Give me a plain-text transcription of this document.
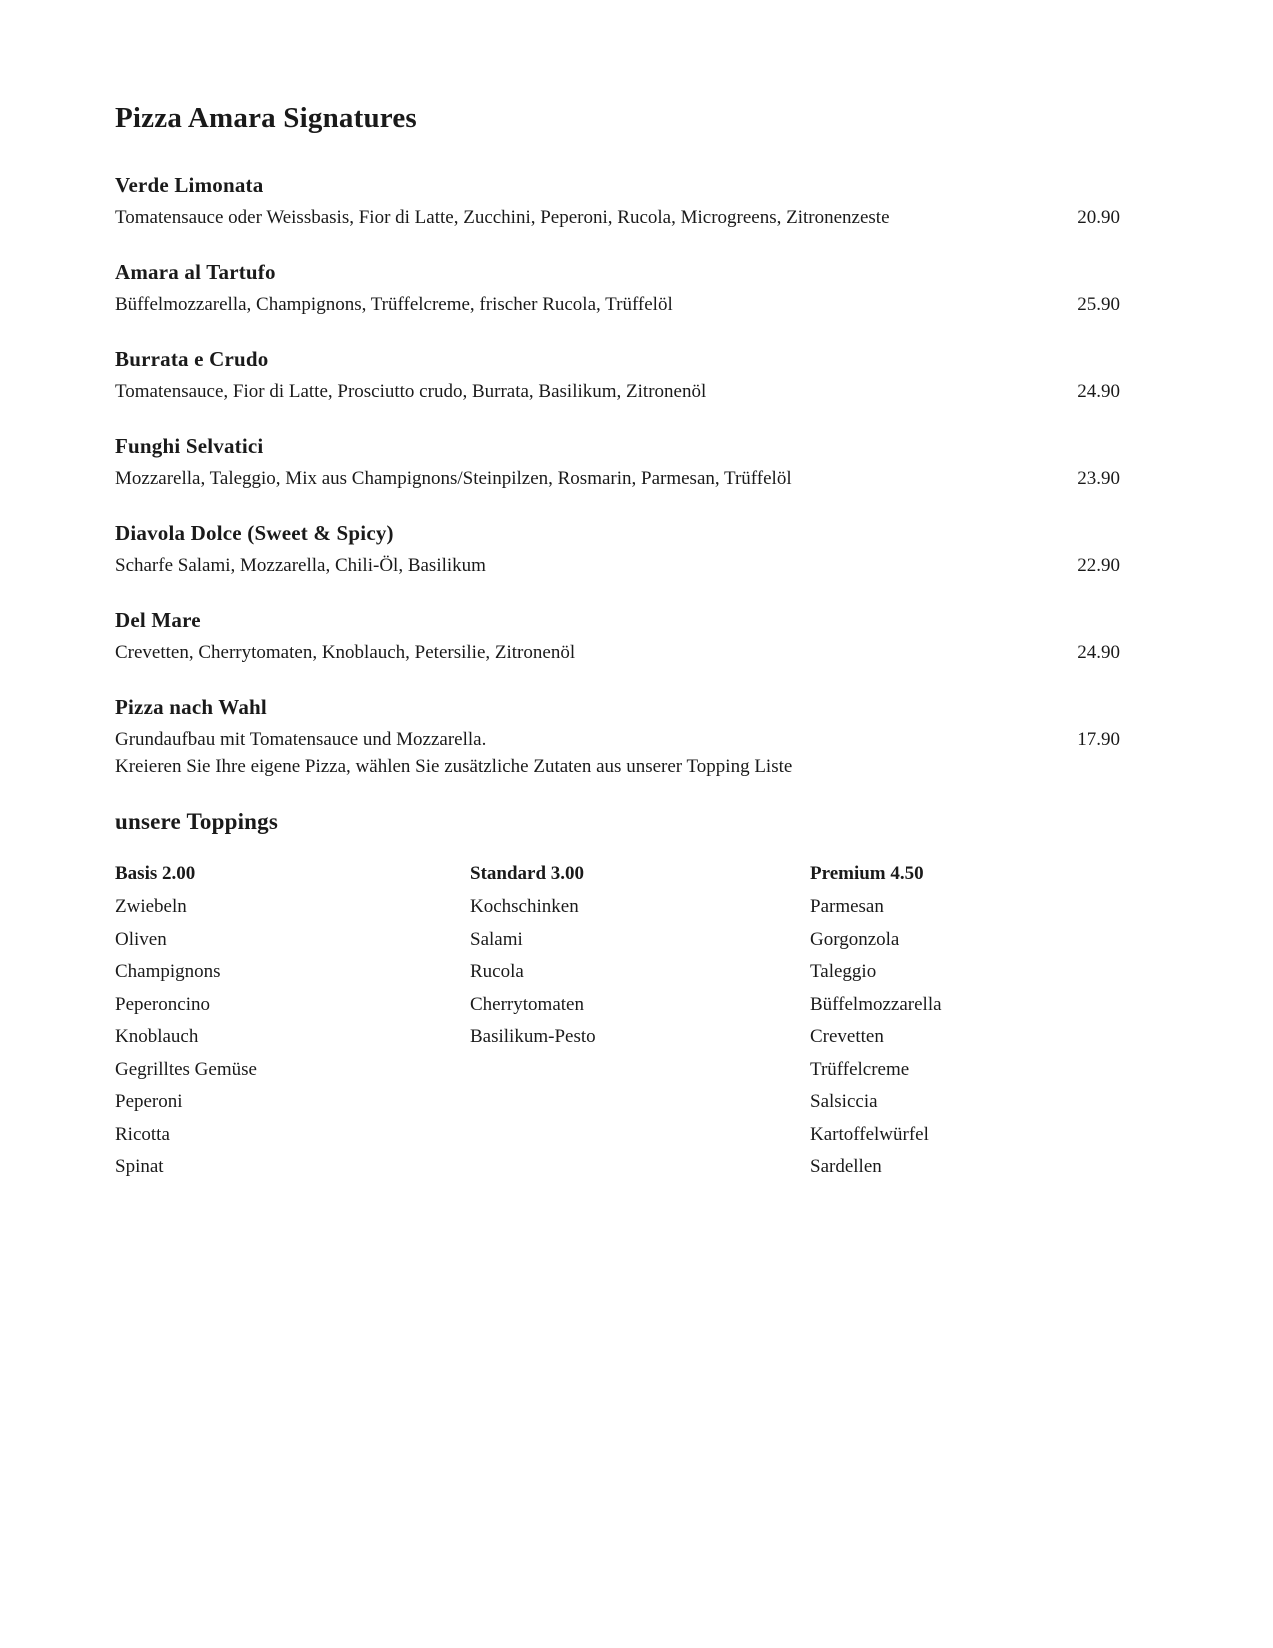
Pizza Amara Signatures
Verde Limonata

Tomatensauce oder Weissbasis, Fior di Latte, Zucchini, Peperoni, Rucola, Microgreens, Zitronenzeste	20.90
Amara al Tartufo

Büffelmozzarella, Champignons, Trüffelcreme, frischer Rucola, Trüffelöl	25.90
Burrata e Crudo

Tomatensauce, Fior di Latte, Prosciutto crudo, Burrata, Basilikum, Zitronenöl	24.90
Funghi Selvatici

Mozzarella, Taleggio, Mix aus Champignons/Steinpilzen, Rosmarin, Parmesan, Trüffelöl	23.90
Diavola Dolce (Sweet & Spicy)

Scharfe Salami, Mozzarella, Chili-Öl, Basilikum	22.90
Del Mare

Crevetten, Cherrytomaten, Knoblauch, Petersilie, Zitronenöl	24.90
Pizza nach Wahl

Grundaufbau mit Tomatensauce und Mozzarella.	17.90

Kreieren Sie Ihre eigene Pizza, wählen Sie zusätzliche Zutaten aus unserer Topping Liste

unsere Toppings
Basis 2.00
Zwiebeln
Oliven
Champignons
Peperoncino
Knoblauch
Gegrilltes Gemüse
Peperoni
Ricotta
Spinat
Standard 3.00
Kochschinken
Salami
Rucola
Cherrytomaten
Basilikum-Pesto
Premium 4.50
Parmesan
Gorgonzola
Taleggio
Büffelmozzarella
Crevetten
Trüffelcreme
Salsiccia
Kartoffelwürfel
Sardellen
